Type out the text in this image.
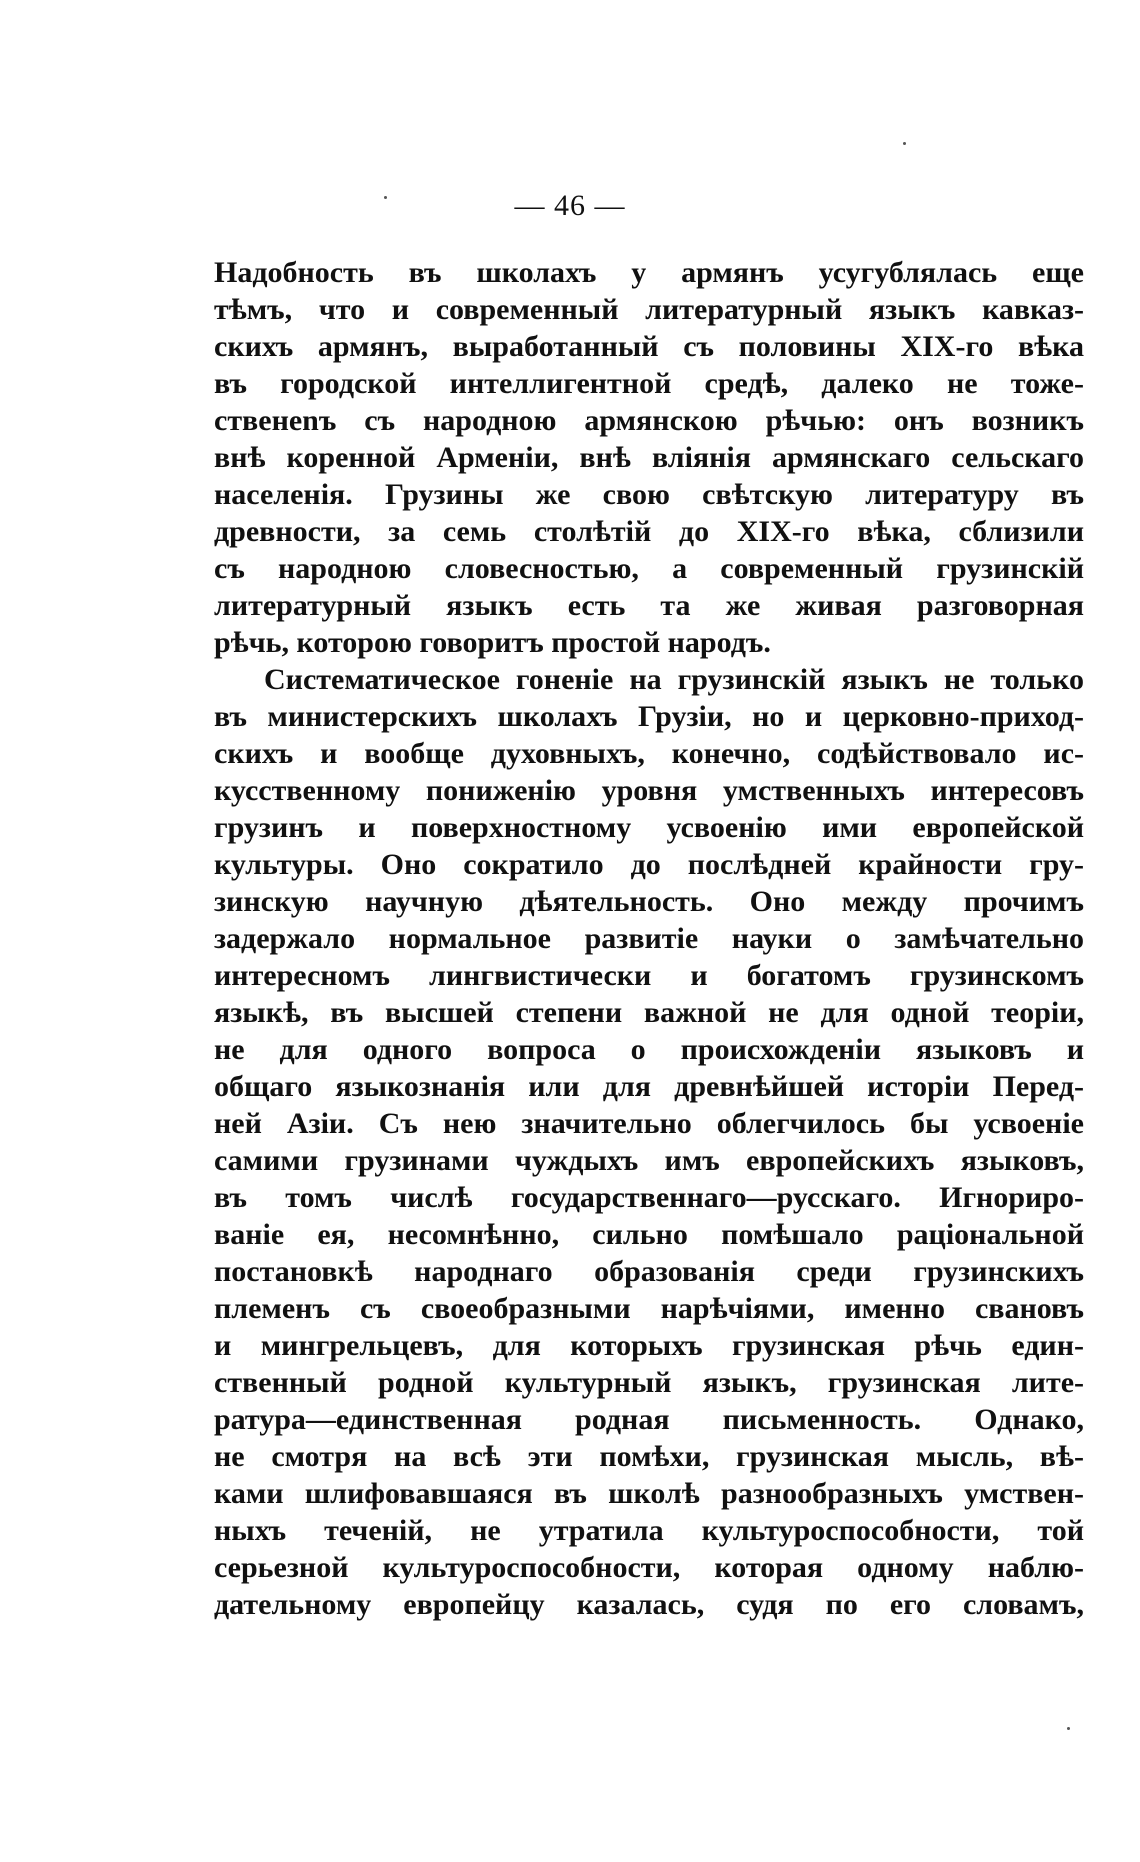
— 46 —
Надобность въ школахъ у армянъ усугублялась еще
тѣмъ, что и современный литературный языкъ кавказ-
скихъ армянъ, выработанный съ половины XIX-го вѣка
въ городской интеллигентной средѣ, далеко не тоже-
ственenъ съ народною армянскою рѣчью: онъ возникъ
внѣ коренной Арменіи, внѣ вліянія армянскаго сельскаго
населенія. Грузины же свою свѣтскую литературу въ
древности, за семь столѣтій до XIX-го вѣка, сблизили
съ народною словесностью, а современный грузинскій
литературный языкъ есть та же живая разговорная
рѣчь, которою говоритъ простой народъ.
Систематическое гоненіе на грузинскій языкъ не только
въ министерскихъ школахъ Грузіи, но и церковно-приход-
скихъ и вообще духовныхъ, конечно, содѣйствовало ис-
кусственному пониженію уровня умственныхъ интересовъ
грузинъ и поверхностному усвоенію ими европейской
культуры. Оно сократило до послѣдней крайности гру-
зинскую научную дѣятельность. Оно между прочимъ
задержало нормальное развитіе науки о замѣчательно
интересномъ лингвистически и богатомъ грузинскомъ
языкѣ, въ высшей степени важной не для одной теоріи,
не для одного вопроса о происхожденіи языковъ и
общаго языкознанія или для древнѣйшей исторіи Перед-
ней Азіи. Съ нею значительно облегчилось бы усвоеніе
самими грузинами чуждыхъ имъ европейскихъ языковъ,
въ томъ числѣ государственнаго—русскаго. Игнориро-
ваніе ея, несомнѣнно, сильно помѣшало раціональной
постановкѣ народнаго образованія среди грузинскихъ
племенъ съ своеобразными нарѣчіями, именно свановъ
и мингрельцевъ, для которыхъ грузинская рѣчь един-
ственный родной культурный языкъ, грузинская лите-
ратура—единственная родная письменность. Однако,
не смотря на всѣ эти помѣхи, грузинская мысль, вѣ-
ками шлифовавшаяся въ школѣ разнообразныхъ умствен-
ныхъ теченій, не утратила культуроспособности, той
серьезной культуроспособности, которая одному наблю-
дательному европейцу казалась, судя по его словамъ,
